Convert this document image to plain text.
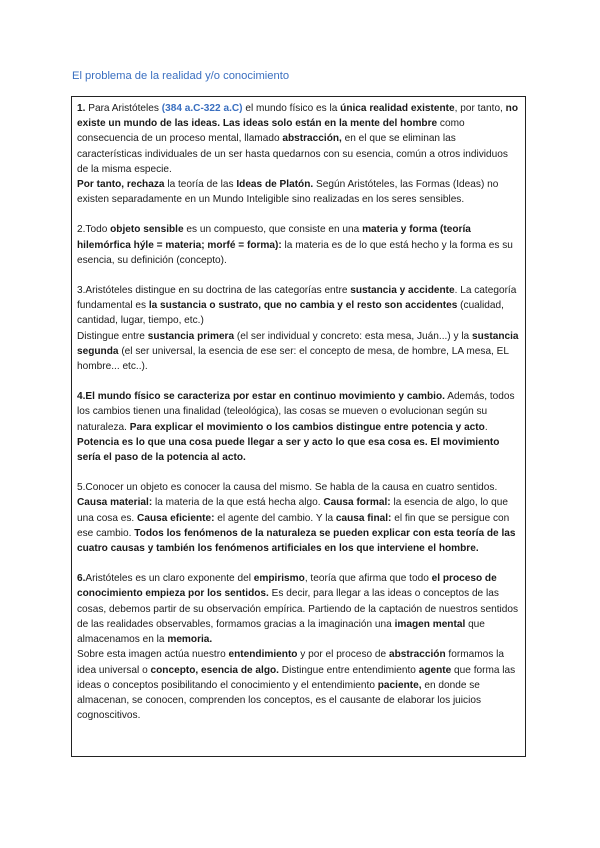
El problema de la realidad y/o conocimiento

1. Para Aristóteles (384 a.C-322 a.C) el mundo físico es la única realidad existente, por tanto, no existe un mundo de las ideas. Las ideas solo están en la mente del hombre como consecuencia de un proceso mental, llamado abstracción, en el que se eliminan las características individuales de un ser hasta quedarnos con su esencia, común a otros individuos de la misma especie.

Por tanto, rechaza la teoría de las Ideas de Platón. Según Aristóteles, las Formas (Ideas) no existen separadamente en un Mundo Inteligible sino realizadas en los seres sensibles.

2.Todo objeto sensible es un compuesto, que consiste en una materia y forma (teoría hilemórfica hýle = materia; morfé = forma): la materia es de lo que está hecho y la forma es su esencia, su definición (concepto).

3.Aristóteles distingue en su doctrina de las categorías entre sustancia y accidente. La categoría fundamental es la sustancia o sustrato, que no cambia y el resto son accidentes (cualidad, cantidad, lugar, tiempo, etc.)

Distingue entre sustancia primera (el ser individual y concreto: esta mesa, Juán...) y la sustancia segunda (el ser universal, la esencia de ese ser: el concepto de mesa, de hombre, LA mesa, EL hombre... etc..).

4.El mundo físico se caracteriza por estar en continuo movimiento y cambio. Además, todos los cambios tienen una finalidad (teleológica), las cosas se mueven o evolucionan según su naturaleza. Para explicar el movimiento o los cambios distingue entre potencia y acto. Potencia es lo que una cosa puede llegar a ser y acto lo que esa cosa es. El movimiento sería el paso de la potencia al acto.

5.Conocer un objeto es conocer la causa del mismo. Se habla de la causa en cuatro sentidos. Causa material: la materia de la que está hecha algo. Causa formal: la esencia de algo, lo que una cosa es. Causa eficiente: el agente del cambio. Y la causa final: el fin que se persigue con ese cambio. Todos los fenómenos de la naturaleza se pueden explicar con esta teoría de las cuatro causas y también los fenómenos artificiales en los que interviene el hombre.

6.Aristóteles es un claro exponente del empirismo, teoría que afirma que todo el proceso de conocimiento empieza por los sentidos. Es decir, para llegar a las ideas o conceptos de las cosas, debemos partir de su observación empírica. Partiendo de la captación de nuestros sentidos de las realidades observables, formamos gracias a la imaginación una imagen mental que almacenamos en la memoria.

Sobre esta imagen actúa nuestro entendimiento y por el proceso de abstracción formamos la idea universal o concepto, esencia de algo. Distingue entre entendimiento agente que forma las ideas o conceptos posibilitando el conocimiento y el entendimiento paciente, en donde se almacenan, se conocen, comprenden los conceptos, es el causante de elaborar los juicios cognoscitivos.
